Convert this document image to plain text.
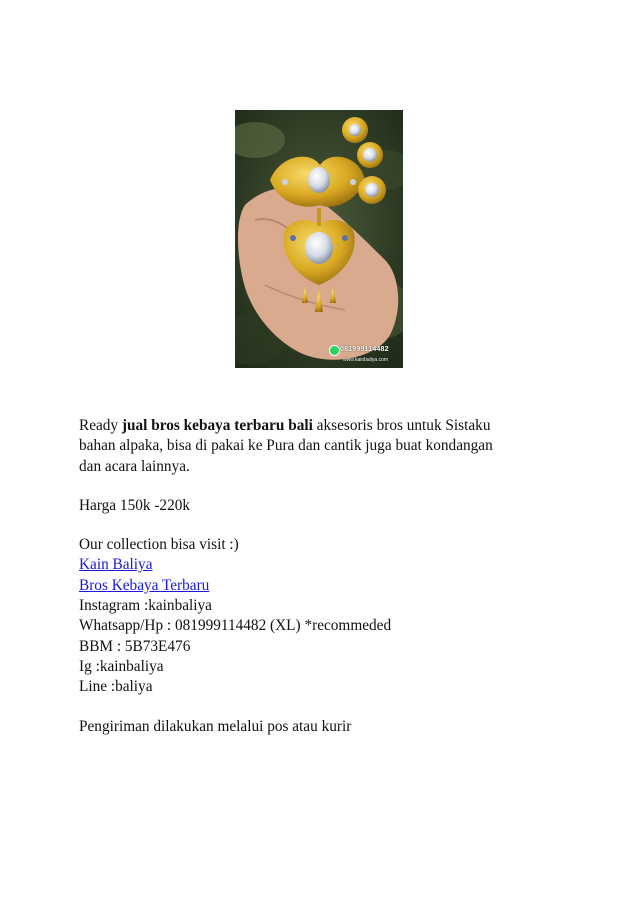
081999114482
www.kainbaliya.com

Ready jual bros kebaya terbaru bali aksesoris bros untuk Sistaku
bahan alpaka, bisa di pakai ke Pura dan cantik juga buat kondangan
dan acara lainnya.

Harga 150k -220k

Our collection bisa visit :)
Kain Baliya
Bros Kebaya Terbaru
Instagram :kainbaliya
Whatsapp/Hp : 081999114482 (XL) *recommeded
BBM : 5B73E476
Ig :kainbaliya
Line :baliya

Pengiriman dilakukan melalui pos atau kurir
